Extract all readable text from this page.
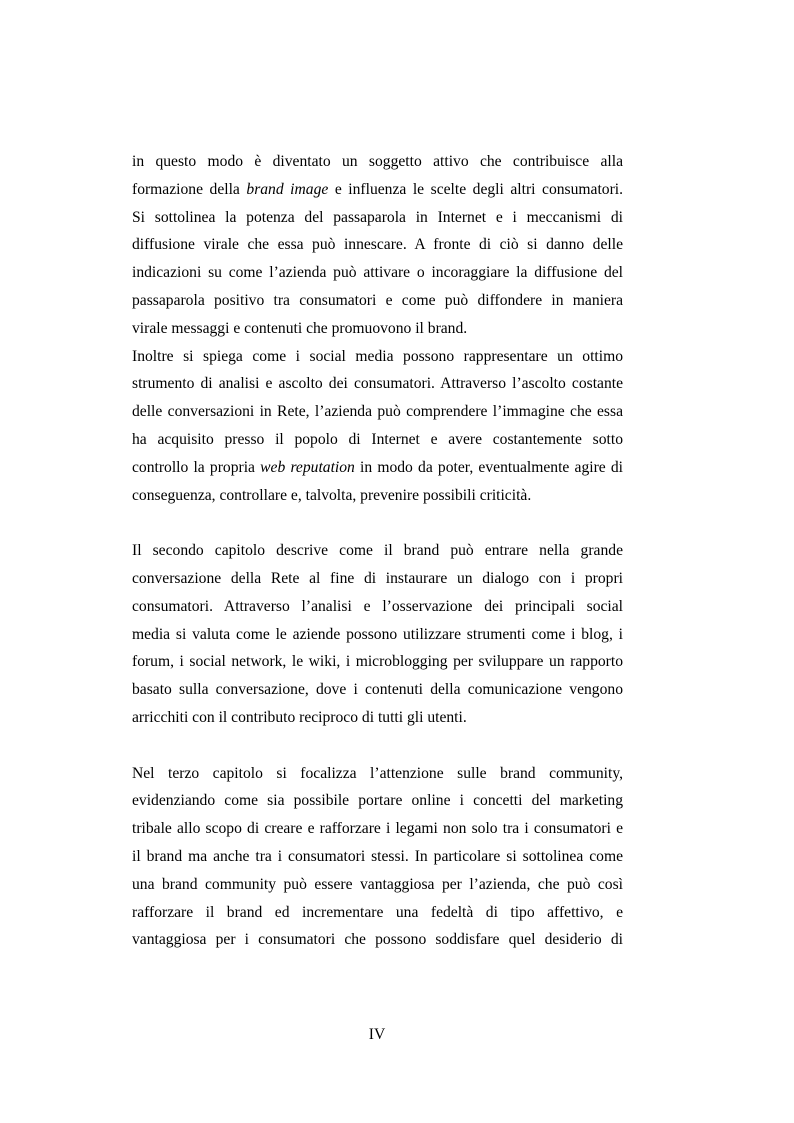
in questo modo è diventato un soggetto attivo che contribuisce alla
formazione della brand image e influenza le scelte degli altri consumatori.
Si sottolinea la potenza del passaparola in Internet e i meccanismi di
diffusione virale che essa può innescare. A fronte di ciò si danno delle
indicazioni su come l’azienda può attivare o incoraggiare la diffusione del
passaparola positivo tra consumatori e come può diffondere in maniera
virale messaggi e contenuti che promuovono il brand.
Inoltre si spiega come i social media possono rappresentare un ottimo
strumento di analisi e ascolto dei consumatori. Attraverso l’ascolto costante
delle conversazioni in Rete, l’azienda può comprendere l’immagine che essa
ha acquisito presso il popolo di Internet e avere costantemente sotto
controllo la propria web reputation in modo da poter, eventualmente agire di
conseguenza, controllare e, talvolta, prevenire possibili criticità.
Il secondo capitolo descrive come il brand può entrare nella grande
conversazione della Rete al fine di instaurare un dialogo con i propri
consumatori. Attraverso l’analisi e l’osservazione dei principali social
media si valuta come le aziende possono utilizzare strumenti come i blog, i
forum, i social network, le wiki, i microblogging per sviluppare un rapporto
basato sulla conversazione, dove i contenuti della comunicazione vengono
arricchiti con il contributo reciproco di tutti gli utenti.
Nel terzo capitolo si focalizza l’attenzione sulle brand community,
evidenziando come sia possibile portare online i concetti del marketing
tribale allo scopo di creare e rafforzare i legami non solo tra i consumatori e
il brand ma anche tra i consumatori stessi. In particolare si sottolinea come
una brand community può essere vantaggiosa per l’azienda, che può così
rafforzare il brand ed incrementare una fedeltà di tipo affettivo, e
vantaggiosa per i consumatori che possono soddisfare quel desiderio di
IV
